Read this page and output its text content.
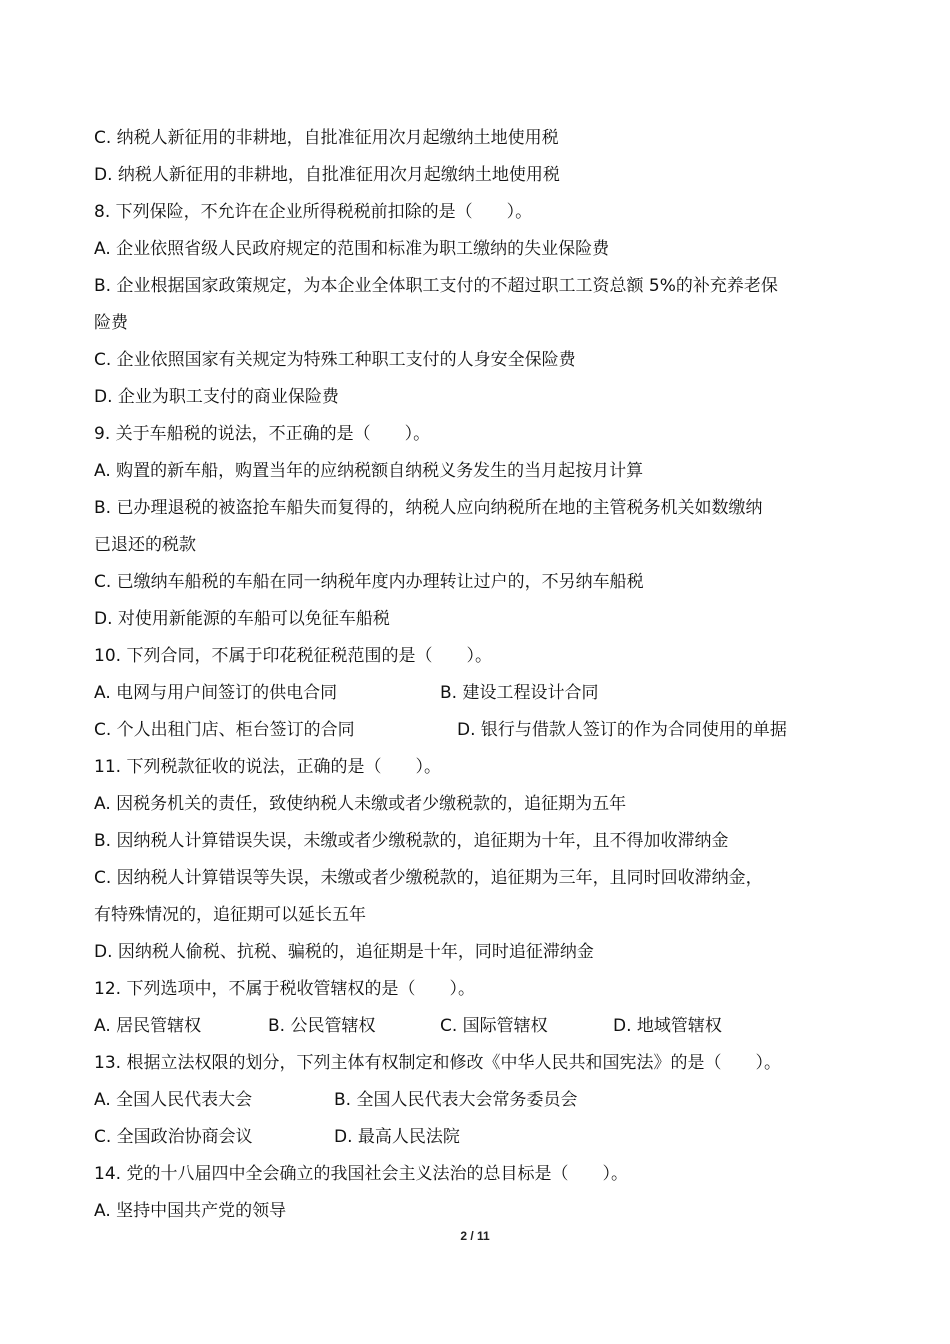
C. 纳税人新征用的非耕地，自批准征用次月起缴纳土地使用税
D. 纳税人新征用的非耕地，自批准征用次月起缴纳土地使用税
8. 下列保险，不允许在企业所得税税前扣除的是（　　）。
A. 企业依照省级人民政府规定的范围和标准为职工缴纳的失业保险费
B. 企业根据国家政策规定，为本企业全体职工支付的不超过职工工资总额 5%的补充养老保
险费
C. 企业依照国家有关规定为特殊工种职工支付的人身安全保险费
D. 企业为职工支付的商业保险费
9. 关于车船税的说法，不正确的是（　　）。
A. 购置的新车船，购置当年的应纳税额自纳税义务发生的当月起按月计算
B. 已办理退税的被盗抢车船失而复得的，纳税人应向纳税所在地的主管税务机关如数缴纳
已退还的税款
C. 已缴纳车船税的车船在同一纳税年度内办理转让过户的，不另纳车船税
D. 对使用新能源的车船可以免征车船税
10. 下列合同，不属于印花税征税范围的是（　　）。
A. 电网与用户间签订的供电合同	B. 建设工程设计合同
C. 个人出租门店、柜台签订的合同	D. 银行与借款人签订的作为合同使用的单据
11. 下列税款征收的说法，正确的是（　　）。
A. 因税务机关的责任，致使纳税人未缴或者少缴税款的，追征期为五年
B. 因纳税人计算错误失误，未缴或者少缴税款的，追征期为十年，且不得加收滞纳金
C. 因纳税人计算错误等失误，未缴或者少缴税款的，追征期为三年，且同时回收滞纳金，
有特殊情况的，追征期可以延长五年
D. 因纳税人偷税、抗税、骗税的，追征期是十年，同时追征滞纳金
12. 下列选项中，不属于税收管辖权的是（　　）。
A. 居民管辖权	B. 公民管辖权	C. 国际管辖权	D. 地域管辖权
13. 根据立法权限的划分，下列主体有权制定和修改《中华人民共和国宪法》的是（　　）。
A. 全国人民代表大会	B. 全国人民代表大会常务委员会
C. 全国政治协商会议	D. 最高人民法院
14. 党的十八届四中全会确立的我国社会主义法治的总目标是（　　）。
A. 坚持中国共产党的领导
2 / 11
